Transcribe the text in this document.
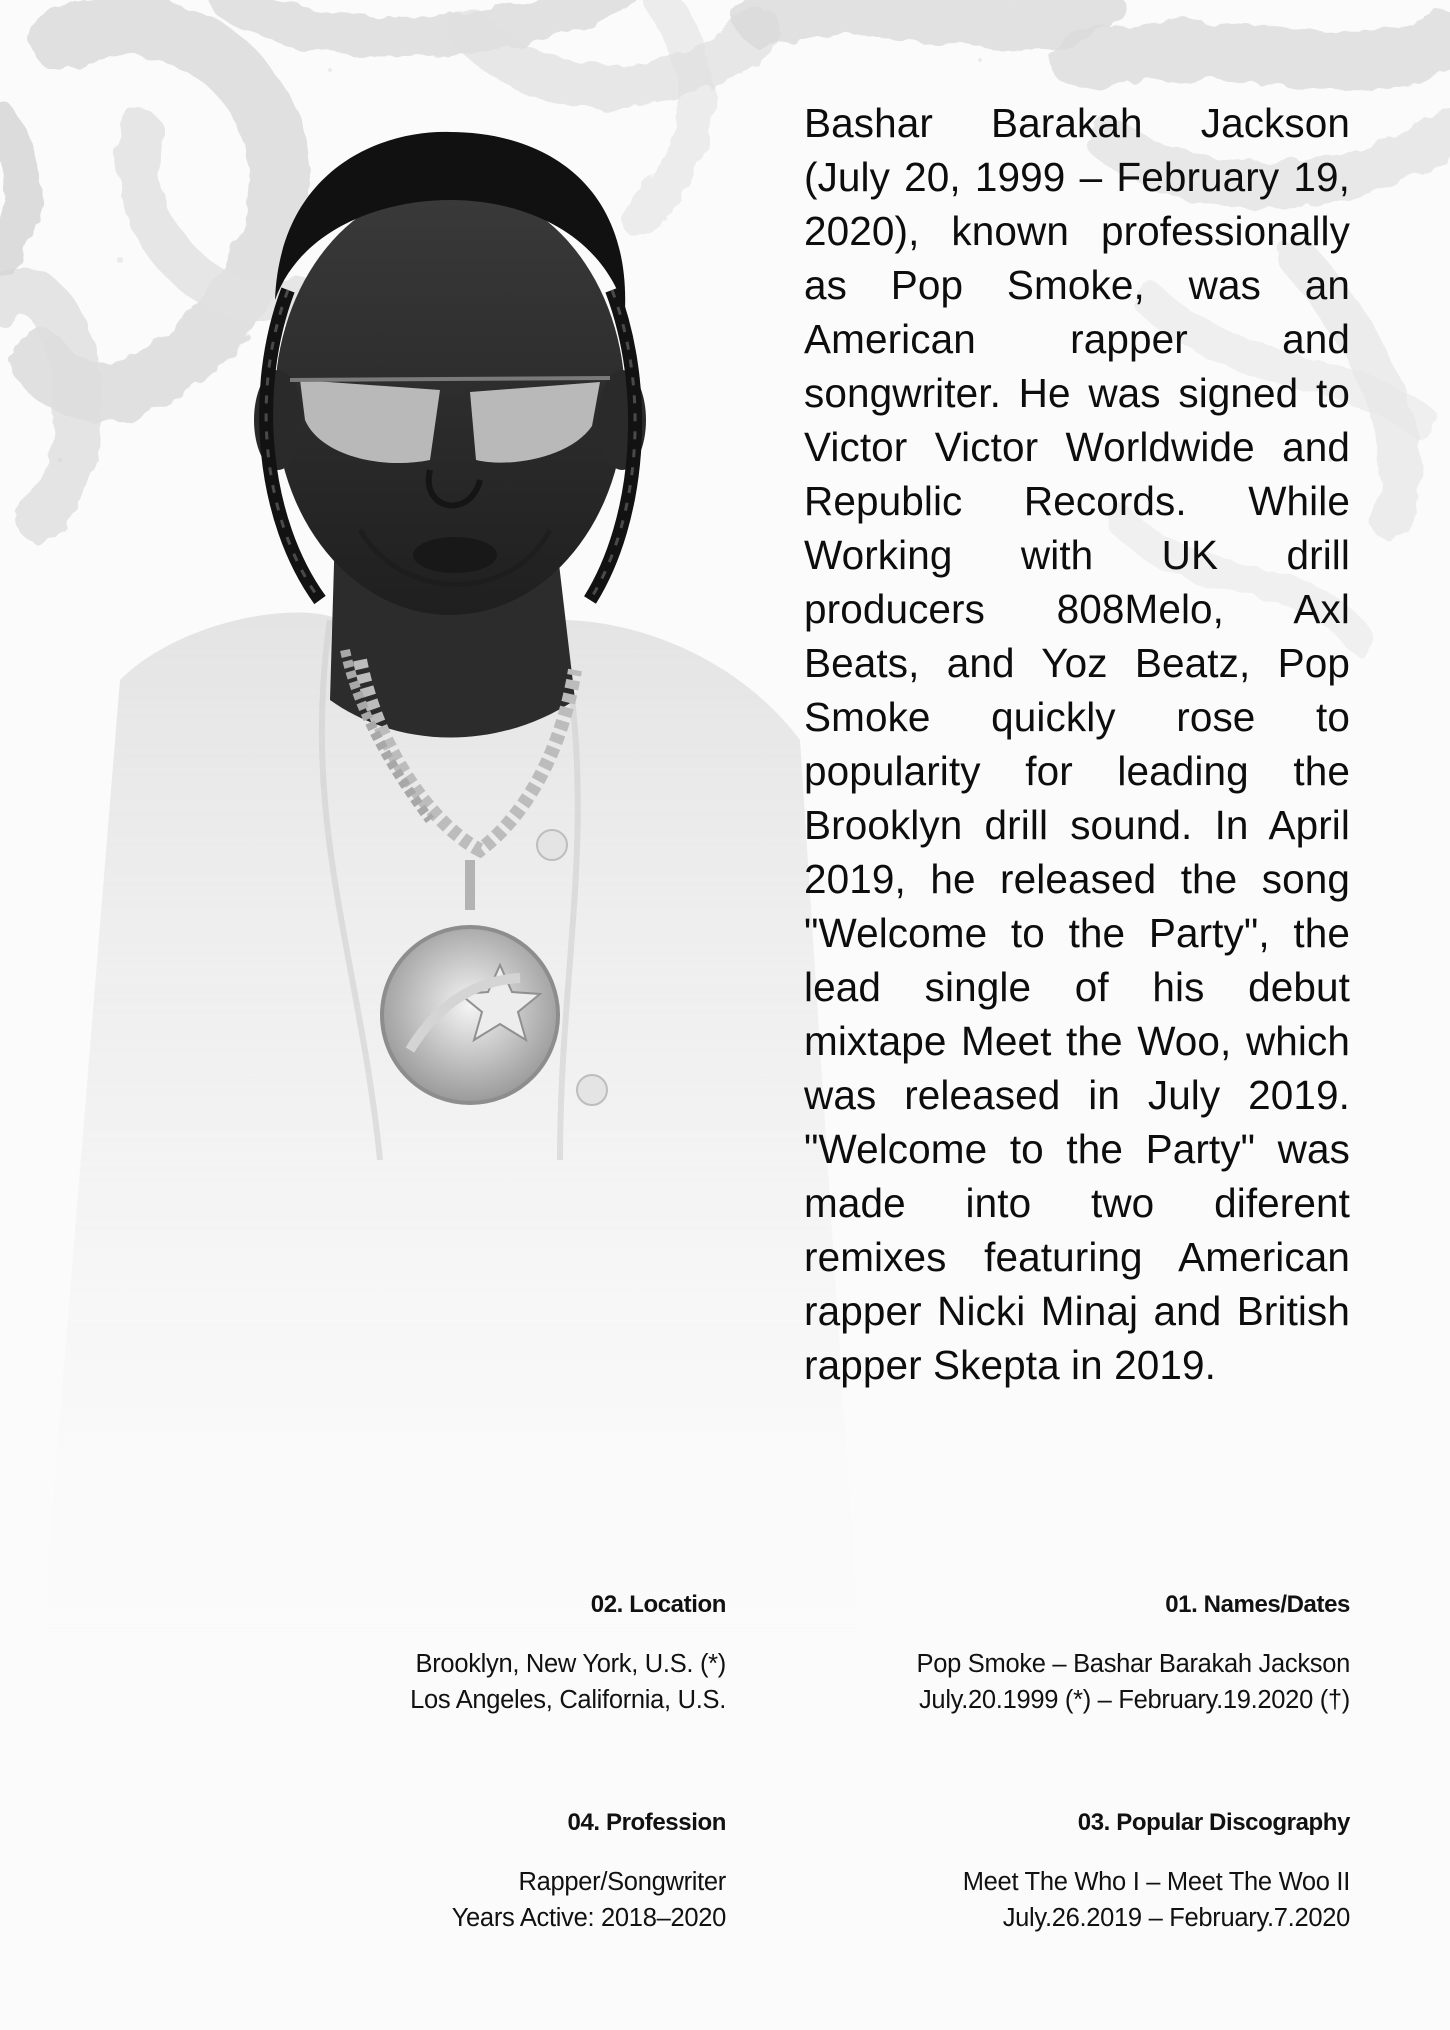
Bashar Barakah Jackson (July 20, 1999 – February 19, 2020), known professionally as Pop Smoke, was an American rapper and songwriter. He was signed to Victor Victor Worldwide and Republic Records. While Working with UK drill producers 808Melo, Axl Beats, and Yoz Beatz, Pop Smoke quickly rose to popularity for leading the Brooklyn drill sound. In April 2019, he released the song "Welcome to the Party", the lead single of his debut mixtape Meet the Woo, which was released in July 2019. "Welcome to the Party" was made into two diferent remixes featuring American rapper Nicki Minaj and British rapper Skepta in 2019.
02. Location
Brooklyn, New York, U.S. (*)
Los Angeles, California, U.S.
01. Names/Dates
Pop Smoke – Bashar Barakah Jackson
July.20.1999 (*) – February.19.2020 (†)
04. Profession
Rapper/Songwriter
Years Active: 2018–2020
03. Popular Discography
Meet The Who I – Meet The Woo II
July.26.2019 – February.7.2020
